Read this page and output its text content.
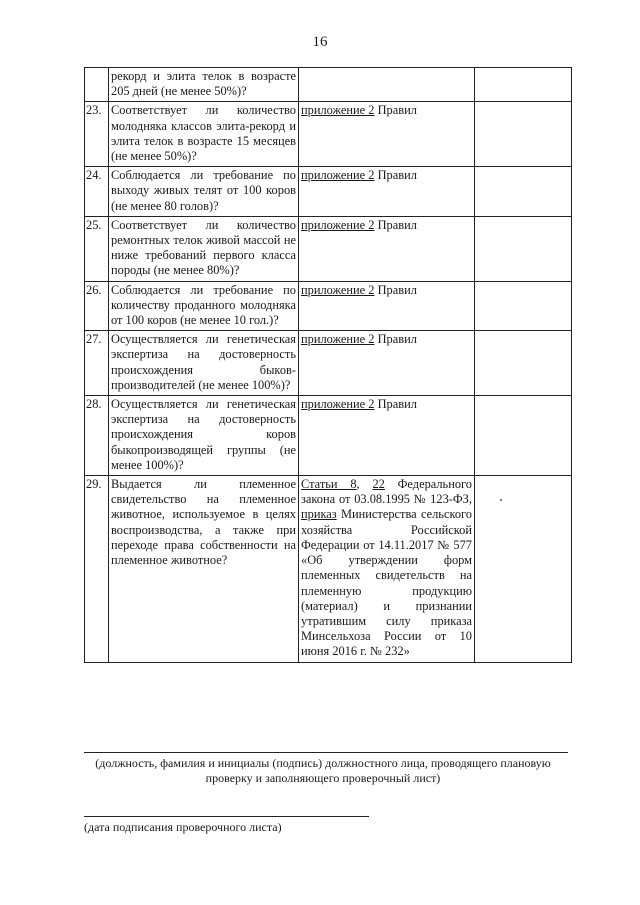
16
	рекорд и элита телок в возрасте 205 дней (не менее 50%)?		
23.	Соответствует ли количество молодняка классов элита-рекорд и элита телок в возрасте 15 месяцев (не менее 50%)?	приложение 2 Правил	
24.	Соблюдается ли требование по выходу живых телят от 100 коров (не менее 80 голов)?	приложение 2 Правил	
25.	Соответствует ли количество ремонтных телок живой массой не ниже требований первого класса породы (не менее 80%)?	приложение 2 Правил	
26.	Соблюдается ли требование по количеству проданного молодняка от 100 коров (не менее 10 гол.)?	приложение 2 Правил	
27.	Осуществляется ли генетическая экспертиза на достоверность происхождения быков-производителей (не менее 100%)?	приложение 2 Правил	
28.	Осуществляется ли генетическая экспертиза на достоверность происхождения коров быкопроизводящей группы (не менее 100%)?	приложение 2 Правил	
29.	Выдается ли племенное свидетельство на племенное животное, используемое в целях воспроизводства, а также при переходе права собственности на племенное животное?	Статьи 8, 22 Федерального закона от 03.08.1995 № 123-ФЗ, приказ Министерства сельского хозяйства Российской Федерации от 14.11.2017 № 577 «Об утверждении форм племенных свидетельств на племенную продукцию (материал) и признании утратившим силу приказа Минсельхоза России от 10 июня 2016 г. № 232»	
(должность, фамилия и инициалы (подпись) должностного лица, проводящего плановую проверку и заполняющего проверочный лист)
(дата подписания проверочного листа)
